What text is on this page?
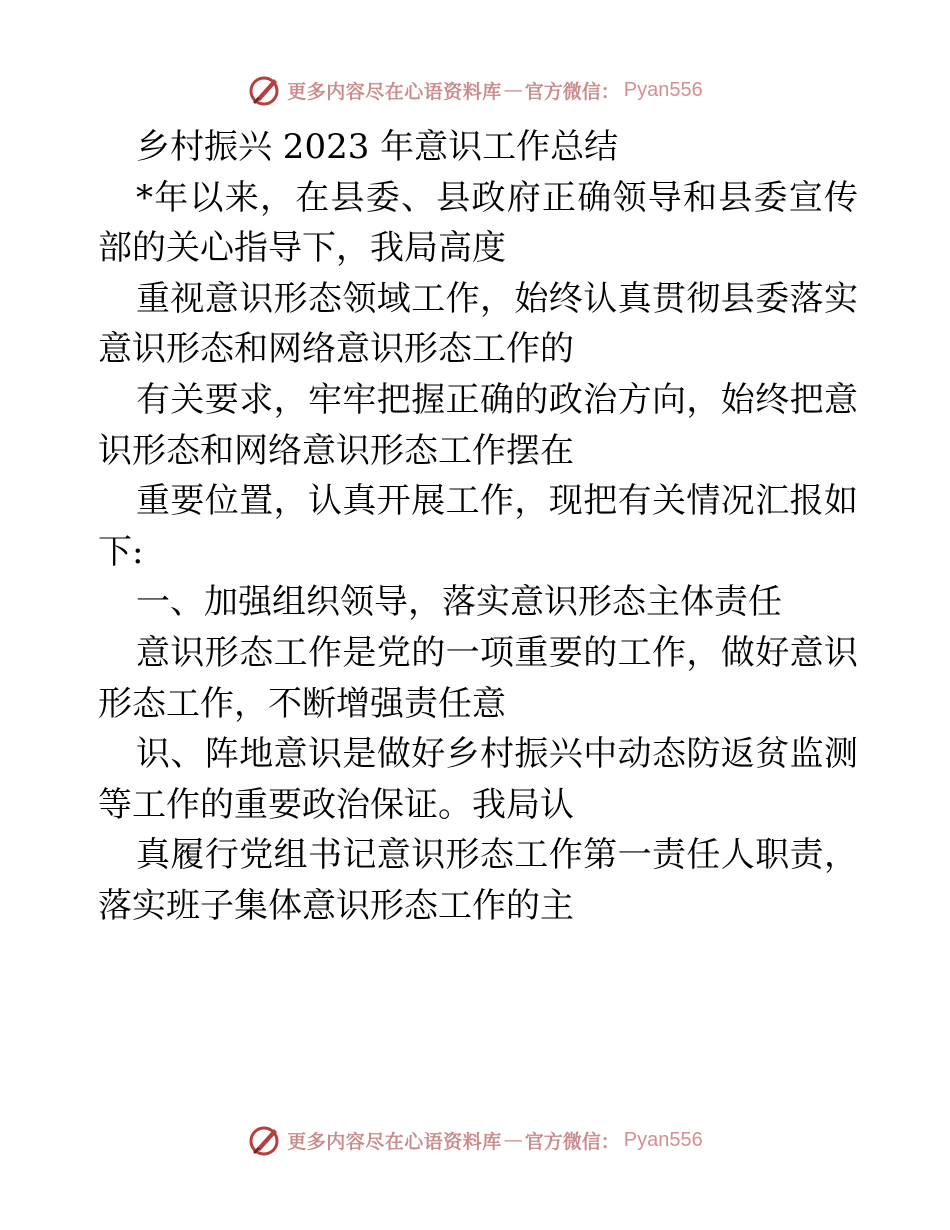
更多内容尽在心语资料库 — 官方微信： Pyan556
乡村振兴 2023 年意识工作总结
*年以来，在县委、县政府正确领导和县委宣传
部的关心指导下，我局高度
重视意识形态领域工作，始终认真贯彻县委落实
意识形态和网络意识形态工作的
有关要求，牢牢把握正确的政治方向，始终把意
识形态和网络意识形态工作摆在
重要位置，认真开展工作，现把有关情况汇报如
下:
一、加强组织领导，落实意识形态主体责任
意识形态工作是党的一项重要的工作，做好意识
形态工作，不断增强责任意
识、阵地意识是做好乡村振兴中动态防返贫监测
等工作的重要政治保证。我局认
真履行党组书记意识形态工作第一责任人职责，
落实班子集体意识形态工作的主
更多内容尽在心语资料库 — 官方微信： Pyan556
